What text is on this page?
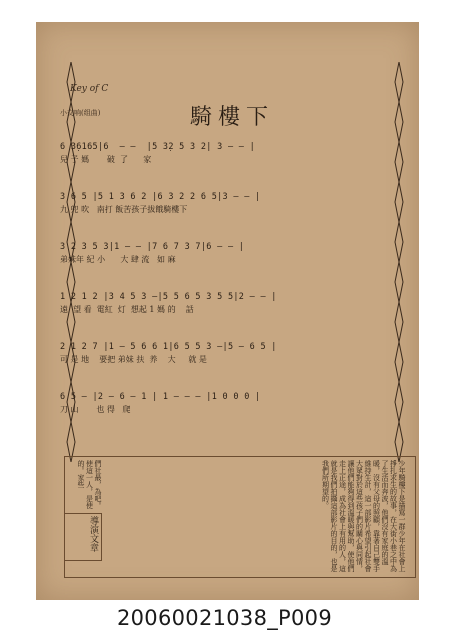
Key of C
小交响(组曲)	騎樓下
6 3̣6165|6  — —  |5 3̣2 5 3 2| 3 — — |
兒 子 媽       破  了      家
3 6 5 |5 1 3 6 2 |6 3 2 2 6 5|3 — — |
九 兜 吹   南打 飯苦孩子拔餓騎樓下
3 2 3 5 3|1 — — |7 6 7 3 7|6 — — |
弟妹年 紀 小      大 肆 流   如 麻
1 2 1 2 |3 4 5 3 —|5 5 6 5 3 5 5|2 — — |
遠  望 看  電紅  灯  想起 1 媽 的    話
2 1 2 7 |1 — 5 6 6 1|6 5 5 3 —|5 — 6 5 |
可 是 地    要把 弟妹 扶  养    大     就 是
6 5 — |2 — 6 — 1 | 1 — — — |1 0 0 0 |
刀 山       也 得   爬
們社最，為吧。使這一人，是使的。家些
導演文章	少年騎樓下是描寫一群少年在社會上掙扎求生的故事，在大街小巷之中為了生活而奔波，他們沒有家庭的溫暖，沒有父母的照顧，靠著自己雙手維持生計，這一部影片希望引起社會大眾對於這些孩子們的關心與同情，讓他們能夠得到溫暖與幫助，使他們走上正途，成為社會上有用的人，這就是我們拍攝這部影片的目的，也是我們所期望的。
20060021038_P009
